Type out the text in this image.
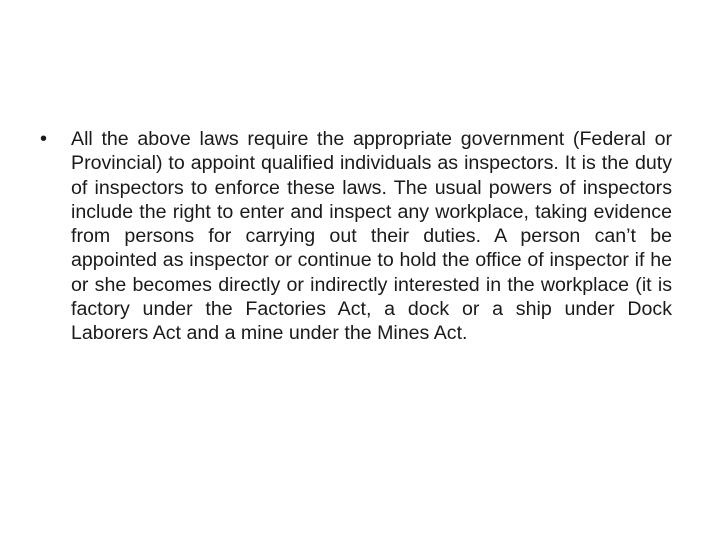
•	All the above laws require the appropriate government (Federal or Provincial) to appoint qualified individuals as inspectors. It is the duty of inspectors to enforce these laws. The usual powers of inspectors include the right to enter and inspect any workplace, taking evidence from persons for carrying out their duties. A person can’t be appointed as inspector or continue to hold the office of inspector if he or she becomes directly or indirectly interested in the workplace (it is factory under the Factories Act, a dock or a ship under Dock Laborers Act and a mine under the Mines Act.
